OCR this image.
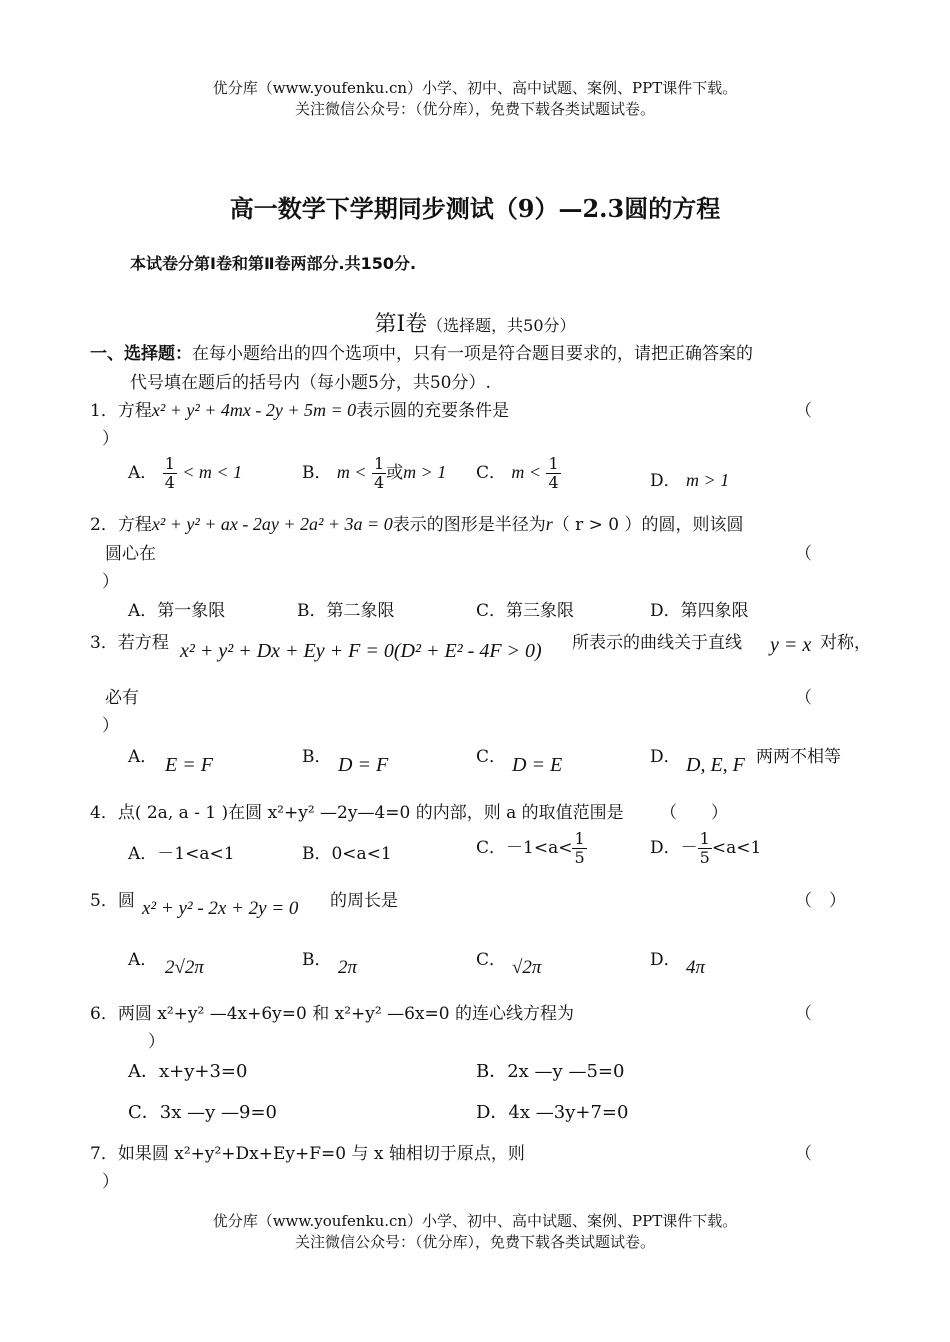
优分库（www.youfenku.cn）小学、初中、高中试题、案例、PPT课件下载。
关注微信公众号：（优分库），免费下载各类试题试卷。
高一数学下学期同步测试（9）—2.3圆的方程
本试卷分第Ⅰ卷和第Ⅱ卷两部分.共150分.
第Ⅰ卷（选择题，共50分）
一、选择题：在每小题给出的四个选项中，只有一项是符合题目要求的，请把正确答案的
代号填在题后的括号内（每小题5分，共50分）.
1．方程x² + y² + 4mx - 2y + 5m = 0表示圆的充要条件是	（
）
A． $\frac{1}{4} < m < 1$	B． $m < \frac{1}{4}$ 或m > 1 C． $m < \frac{1}{4}$	D． m > 1
2．方程x² + y² + ax - 2ay + 2a² + 3a = 0表示的图形是半径为r（ r > 0 ）的圆，则该圆
圆心在	（
）
A．第一象限	B．第二象限	C．第三象限	D．第四象限
3．若方程 x² + y² + Dx + Ey + F = 0(D² + E² - 4F > 0) 所表示的曲线关于直线 y = x 对称，
必有	（
）
A． E = F	B． D = F	C． D = E	D． D, E, F 两两不相等
4．点( 2a, a - 1 )在圆 x²+y² —2y—4=0 的内部，则 a 的取值范围是 （　　）
A．－1<a<1	B．0<a<1	C．$-1<a< \frac{1}{5}$	D．－ $\frac{1}{5} <a<1$
5．圆 x² + y² - 2x + 2y = 0 的周长是	（　）
A． 2√2π	B． 2π	C． √2π	D． 4π
6．两圆 x²+y² —4x+6y=0 和 x²+y² —6x=0 的连心线方程为	（
）
A．x+y+3=0	B．2x —y —5=0
C．3x —y —9=0	D．4x —3y+7=0
7．如果圆 x²+y²+Dx+Ey+F=0 与 x 轴相切于原点，则	（
）
优分库（www.youfenku.cn）小学、初中、高中试题、案例、PPT课件下载。
关注微信公众号：（优分库），免费下载各类试题试卷。
